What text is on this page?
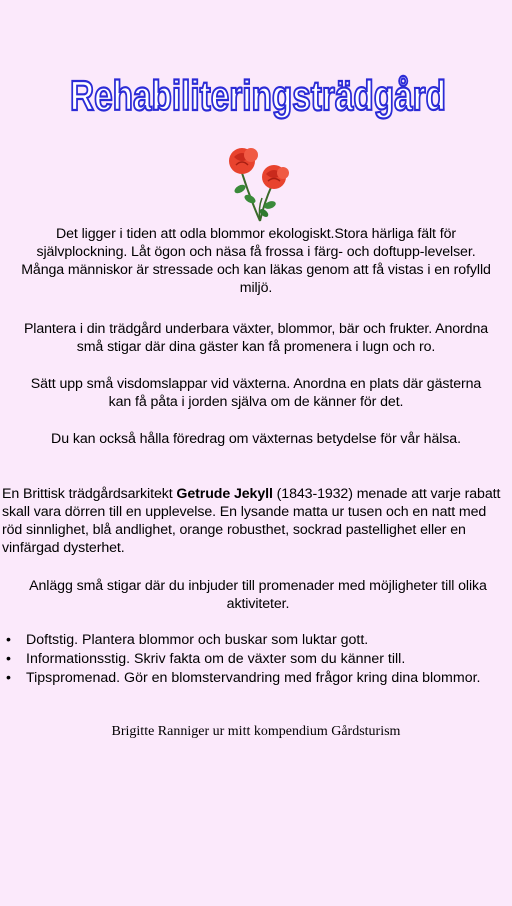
Rehabiliteringsträdgård
Det ligger i tiden att odla blommor ekologiskt.Stora härliga fält för självplockning. Låt ögon och näsa få frossa i färg- och doftupp-levelser. Många människor är stressade och kan läkas genom att få vistas i en rofylld miljö.
Plantera i din trädgård underbara växter, blommor, bär och frukter. Anordna små stigar där dina gäster kan få promenera i lugn och ro.
Sätt upp små visdomslappar vid växterna. Anordna en plats där gästerna kan få påta i jorden själva om de känner för det.
Du kan också hålla föredrag om växternas betydelse för vår hälsa.
En Brittisk trädgårdsarkitekt Getrude Jekyll (1843-1932) menade att varje rabatt skall vara dörren till en upplevelse. En lysande matta ur tusen och en natt med röd sinnlighet, blå andlighet, orange robusthet, sockrad pastellighet eller en vinfärgad dysterhet.
Anlägg små stigar där du inbjuder till promenader med möjligheter till olika aktiviteter.
• Doftstig. Plantera blommor och buskar som luktar gott.
• Informationsstig. Skriv fakta om de växter som du känner till.
• Tipspromenad. Gör en blomstervandring med frågor kring dina blommor.
Brigitte Ranniger ur mitt kompendium Gårdsturism
